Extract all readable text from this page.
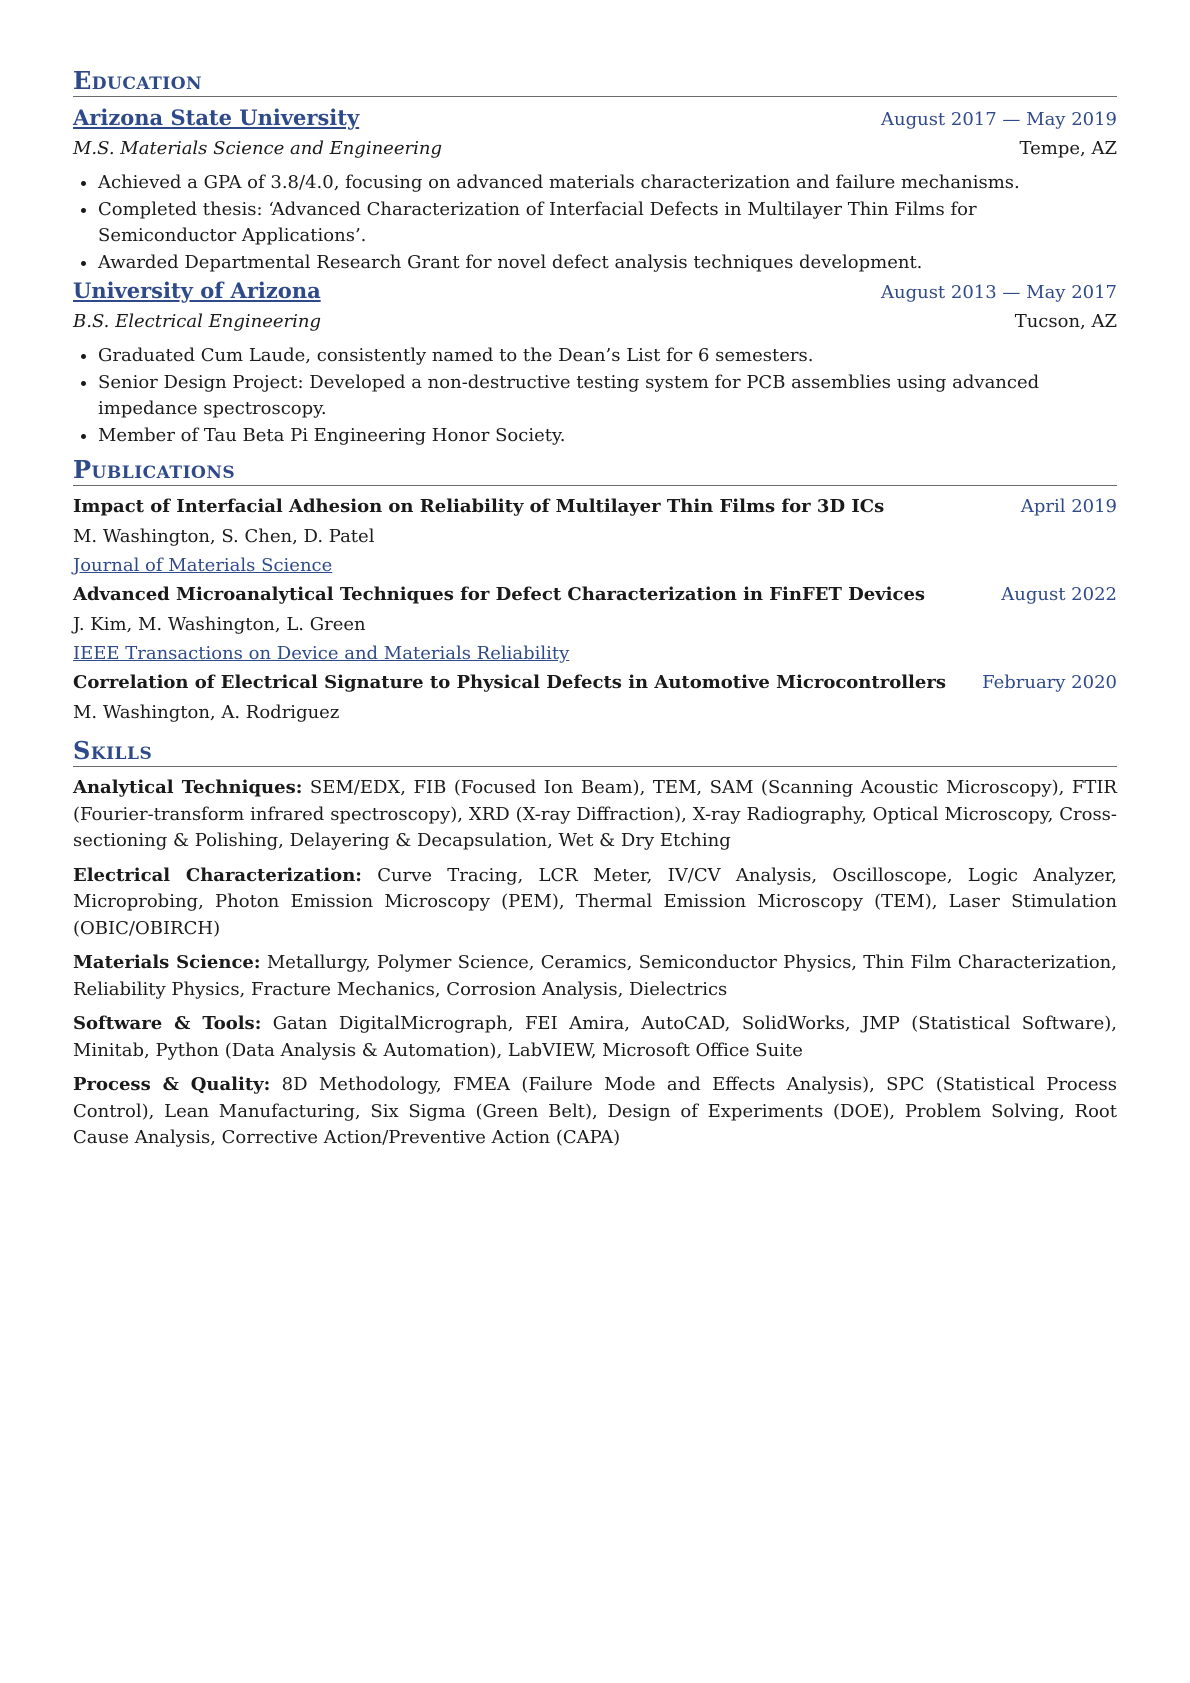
Education
Arizona State University	August 2017 — May 2019
M.S. Materials Science and Engineering	Tempe, AZ
• Achieved a GPA of 3.8/4.0, focusing on advanced materials characterization and failure mechanisms.
• Completed thesis: ‘Advanced Characterization of Interfacial Defects in Multilayer Thin Films for Semiconductor Applications’.
• Awarded Departmental Research Grant for novel defect analysis techniques development.
University of Arizona	August 2013 — May 2017
B.S. Electrical Engineering	Tucson, AZ
• Graduated Cum Laude, consistently named to the Dean’s List for 6 semesters.
• Senior Design Project: Developed a non-destructive testing system for PCB assemblies using advanced impedance spectroscopy.
• Member of Tau Beta Pi Engineering Honor Society.
Publications
Impact of Interfacial Adhesion on Reliability of Multilayer Thin Films for 3D ICs	April 2019
M. Washington, S. Chen, D. Patel
Journal of Materials Science
Advanced Microanalytical Techniques for Defect Characterization in FinFET Devices	August 2022
J. Kim, M. Washington, L. Green
IEEE Transactions on Device and Materials Reliability
Correlation of Electrical Signature to Physical Defects in Automotive Microcontrollers February 2020
M. Washington, A. Rodriguez
Skills

Analytical Techniques: SEM/EDX, FIB (Focused Ion Beam), TEM, SAM (Scanning Acoustic Microscopy), FTIR (Fourier-transform infrared spectroscopy), XRD (X-ray Diffraction), X-ray Radiography, Optical Microscopy, Cross-sectioning & Polishing, Delayering & Decapsulation, Wet & Dry Etching

Electrical Characterization: Curve Tracing, LCR Meter, IV/CV Analysis, Oscilloscope, Logic Analyzer, Microprobing, Photon Emission Microscopy (PEM), Thermal Emission Microscopy (TEM), Laser Stimulation (OBIC/OBIRCH)

Materials Science: Metallurgy, Polymer Science, Ceramics, Semiconductor Physics, Thin Film Characterization, Reliability Physics, Fracture Mechanics, Corrosion Analysis, Dielectrics

Software & Tools: Gatan DigitalMicrograph, FEI Amira, AutoCAD, SolidWorks, JMP (Statistical Software), Minitab, Python (Data Analysis & Automation), LabVIEW, Microsoft Office Suite

Process & Quality: 8D Methodology, FMEA (Failure Mode and Effects Analysis), SPC (Statistical Process Control), Lean Manufacturing, Six Sigma (Green Belt), Design of Experiments (DOE), Problem Solving, Root Cause Analysis, Corrective Action/Preventive Action (CAPA)
